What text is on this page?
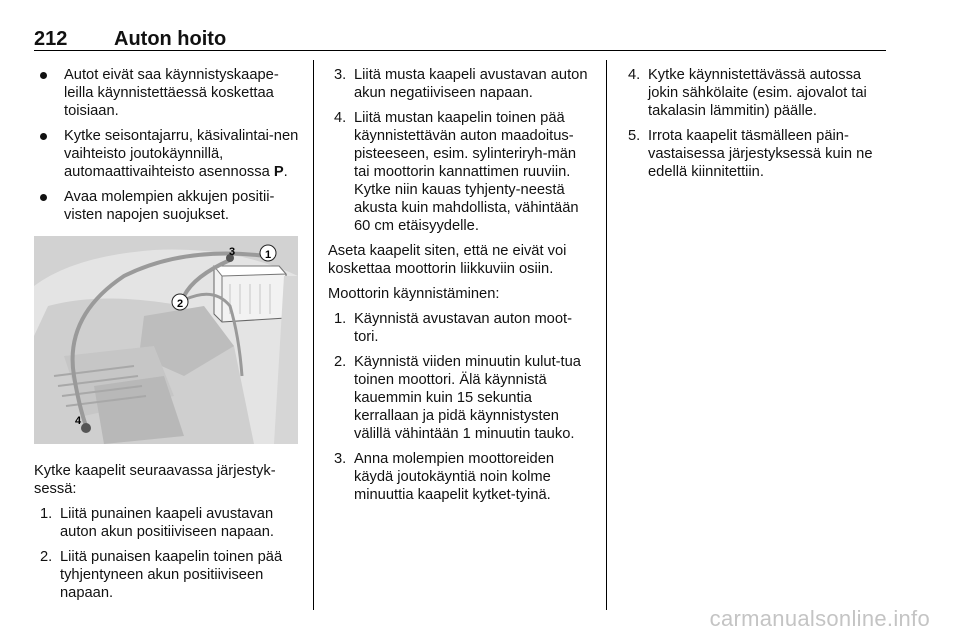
212 Auton hoito
Autot eivät saa käynnistyskaape-leilla käynnistettäessä koskettaa toisiaan.
Kytke seisontajarru, käsivalintai-nen vaihteisto joutokäynnillä, automaattivaihteisto asennossa P.
Avaa molempien akkujen positii-visten napojen suojukset.
1
3
2
4
Kytke kaapelit seuraavassa järjestyk-sessä:
1. Liitä punainen kaapeli avustavan auton akun positiiviseen napaan.
2. Liitä punaisen kaapelin toinen pää tyhjentyneen akun positiiviseen napaan.
3. Liitä musta kaapeli avustavan auton akun negatiiviseen napaan.
4. Liitä mustan kaapelin toinen pää käynnistettävän auton maadoitus-pisteeseen, esim. sylinteriryh-män tai moottorin kannattimen ruuviin. Kytke niin kauas tyhjenty-neestä akusta kuin mahdollista, vähintään 60 cm etäisyydelle.
Aseta kaapelit siten, että ne eivät voi koskettaa moottorin liikkuviin osiin.
Moottorin käynnistäminen:
1. Käynnistä avustavan auton moot-tori.
2. Käynnistä viiden minuutin kulut-tua toinen moottori. Älä käynnistä kauemmin kuin 15 sekuntia kerrallaan ja pidä käynnistysten välillä vähintään 1 minuutin tauko.
3. Anna molempien moottoreiden käydä joutokäyntiä noin kolme minuuttia kaapelit kytket-tyinä.
4. Kytke käynnistettävässä autossa jokin sähkölaite (esim. ajovalot tai takalasin lämmitin) päälle.
5. Irrota kaapelit täsmälleen päin-vastaisessa järjestyksessä kuin ne edellä kiinnitettiin.
carmanualsonline.info
